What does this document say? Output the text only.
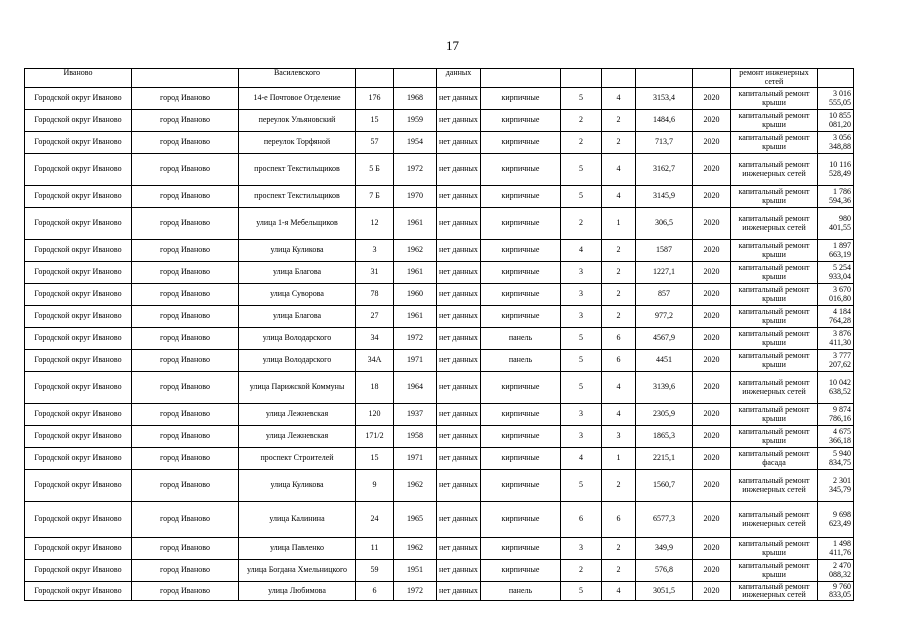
17
Иваново		Василевского			данных						ремонт инженерных сетей	
Городской округ Иваново	город Иваново	14-е Почтовое Отделение	176	1968	нет данных	кирпичные	5	4	3153,4	2020	капитальный ремонт крыши	3 016 555,05
Городской округ Иваново	город Иваново	переулок Ульяновский	15	1959	нет данных	кирпичные	2	2	1484,6	2020	капитальный ремонт крыши	10 855 081,20
Городской округ Иваново	город Иваново	переулок Торфяной	57	1954	нет данных	кирпичные	2	2	713,7	2020	капитальный ремонт крыши	3 056 348,88
Городской округ Иваново	город Иваново	проспект Текстильщиков	5 Б	1972	нет данных	кирпичные	5	4	3162,7	2020	капитальный ремонт инженерных сетей	10 116 528,49
Городской округ Иваново	город Иваново	проспект Текстильщиков	7 Б	1970	нет данных	кирпичные	5	4	3145,9	2020	капитальный ремонт крыши	1 786 594,36
Городской округ Иваново	город Иваново	улица 1-я Мебельщиков	12	1961	нет данных	кирпичные	2	1	306,5	2020	капитальный ремонт инженерных сетей	980 401,55
Городской округ Иваново	город Иваново	улица Куликова	3	1962	нет данных	кирпичные	4	2	1587	2020	капитальный ремонт крыши	1 897 663,19
Городской округ Иваново	город Иваново	улица Благова	31	1961	нет данных	кирпичные	3	2	1227,1	2020	капитальный ремонт крыши	5 254 933,04
Городской округ Иваново	город Иваново	улица Суворова	78	1960	нет данных	кирпичные	3	2	857	2020	капитальный ремонт крыши	3 670 016,80
Городской округ Иваново	город Иваново	улица Благова	27	1961	нет данных	кирпичные	3	2	977,2	2020	капитальный ремонт крыши	4 184 764,28
Городской округ Иваново	город Иваново	улица Володарского	34	1972	нет данных	панель	5	6	4567,9	2020	капитальный ремонт крыши	3 876 411,30
Городской округ Иваново	город Иваново	улица Володарского	34А	1971	нет данных	панель	5	6	4451	2020	капитальный ремонт крыши	3 777 207,62
Городской округ Иваново	город Иваново	улица Парижской Коммуны	18	1964	нет данных	кирпичные	5	4	3139,6	2020	капитальный ремонт инженерных сетей	10 042 638,52
Городской округ Иваново	город Иваново	улица Лежневская	120	1937	нет данных	кирпичные	3	4	2305,9	2020	капитальный ремонт крыши	9 874 786,16
Городской округ Иваново	город Иваново	улица Лежневская	171/2	1958	нет данных	кирпичные	3	3	1865,3	2020	капитальный ремонт крыши	4 675 366,18
Городской округ Иваново	город Иваново	проспект Строителей	15	1971	нет данных	кирпичные	4	1	2215,1	2020	капитальный ремонт фасада	5 940 834,75
Городской округ Иваново	город Иваново	улица Куликова	9	1962	нет данных	кирпичные	5	2	1560,7	2020	капитальный ремонт инженерных сетей	2 301 345,79
Городской округ Иваново	город Иваново	улица Калинина	24	1965	нет данных	кирпичные	6	6	6577,3	2020	капитальный ремонт инженерных сетей	9 698 623,49
Городской округ Иваново	город Иваново	улица Павленко	11	1962	нет данных	кирпичные	3	2	349,9	2020	капитальный ремонт крыши	1 498 411,76
Городской округ Иваново	город Иваново	улица Богдана Хмельницкого	59	1951	нет данных	кирпичные	2	2	576,8	2020	капитальный ремонт крыши	2 470 088,32
Городской округ Иваново	город Иваново	улица Любимова	6	1972	нет данных	панель	5	4	3051,5	2020	капитальный ремонт инженерных сетей	9 760 833,05
